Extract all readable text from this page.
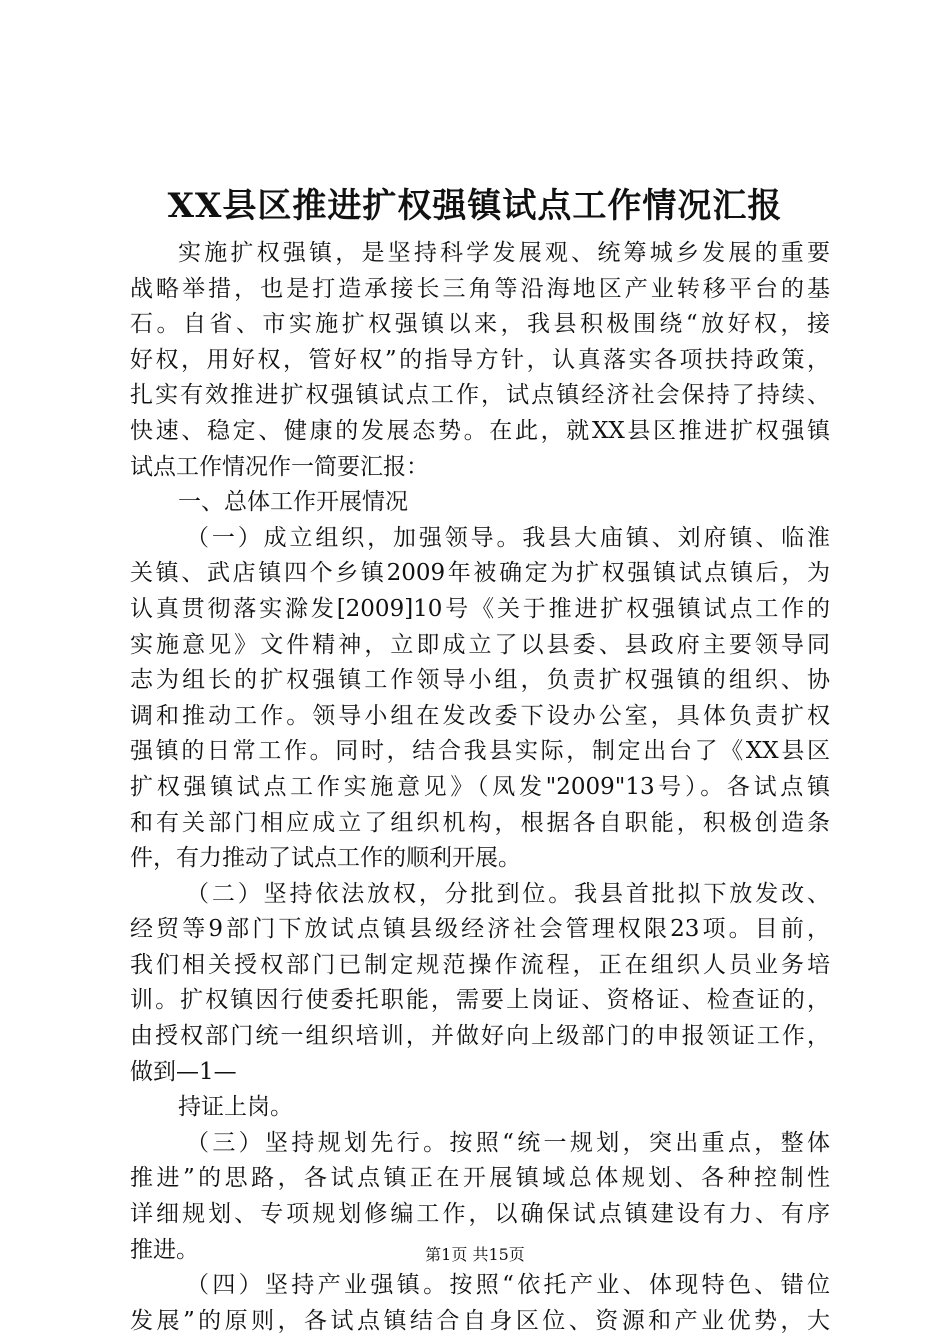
XX县区推进扩权强镇试点工作情况汇报
实施扩权强镇，是坚持科学发展观、统筹城乡发展的重要
战略举措，也是打造承接长三角等沿海地区产业转移平台的基
石。自省、市实施扩权强镇以来，我县积极围绕“放好权，接
好权，用好权，管好权”的指导方针，认真落实各项扶持政策，
扎实有效推进扩权强镇试点工作，试点镇经济社会保持了持续、
快速、稳定、健康的发展态势。在此，就XX县区推进扩权强镇
试点工作情况作一简要汇报：
一、总体工作开展情况
（一）成立组织，加强领导。我县大庙镇、刘府镇、临淮
关镇、武店镇四个乡镇2009年被确定为扩权强镇试点镇后，为
认真贯彻落实滁发[2009]10号《关于推进扩权强镇试点工作的
实施意见》文件精神，立即成立了以县委、县政府主要领导同
志为组长的扩权强镇工作领导小组，负责扩权强镇的组织、协
调和推动工作。领导小组在发改委下设办公室，具体负责扩权
强镇的日常工作。同时，结合我县实际，制定出台了《XX县区
扩权强镇试点工作实施意见》（凤发"2009"13号）。各试点镇
和有关部门相应成立了组织机构，根据各自职能，积极创造条
件，有力推动了试点工作的顺利开展。
（二）坚持依法放权，分批到位。我县首批拟下放发改、
经贸等9部门下放试点镇县级经济社会管理权限23项。目前，
我们相关授权部门已制定规范操作流程，正在组织人员业务培
训。扩权镇因行使委托职能，需要上岗证、资格证、检查证的，
由授权部门统一组织培训，并做好向上级部门的申报领证工作，
做到—1—
持证上岗。
（三）坚持规划先行。按照“统一规划，突出重点，整体
推进”的思路，各试点镇正在开展镇域总体规划、各种控制性
详细规划、专项规划修编工作，以确保试点镇建设有力、有序
推进。
（四）坚持产业强镇。按照“依托产业、体现特色、错位
发展”的原则，各试点镇结合自身区位、资源和产业优势，大
第1页 共15页
